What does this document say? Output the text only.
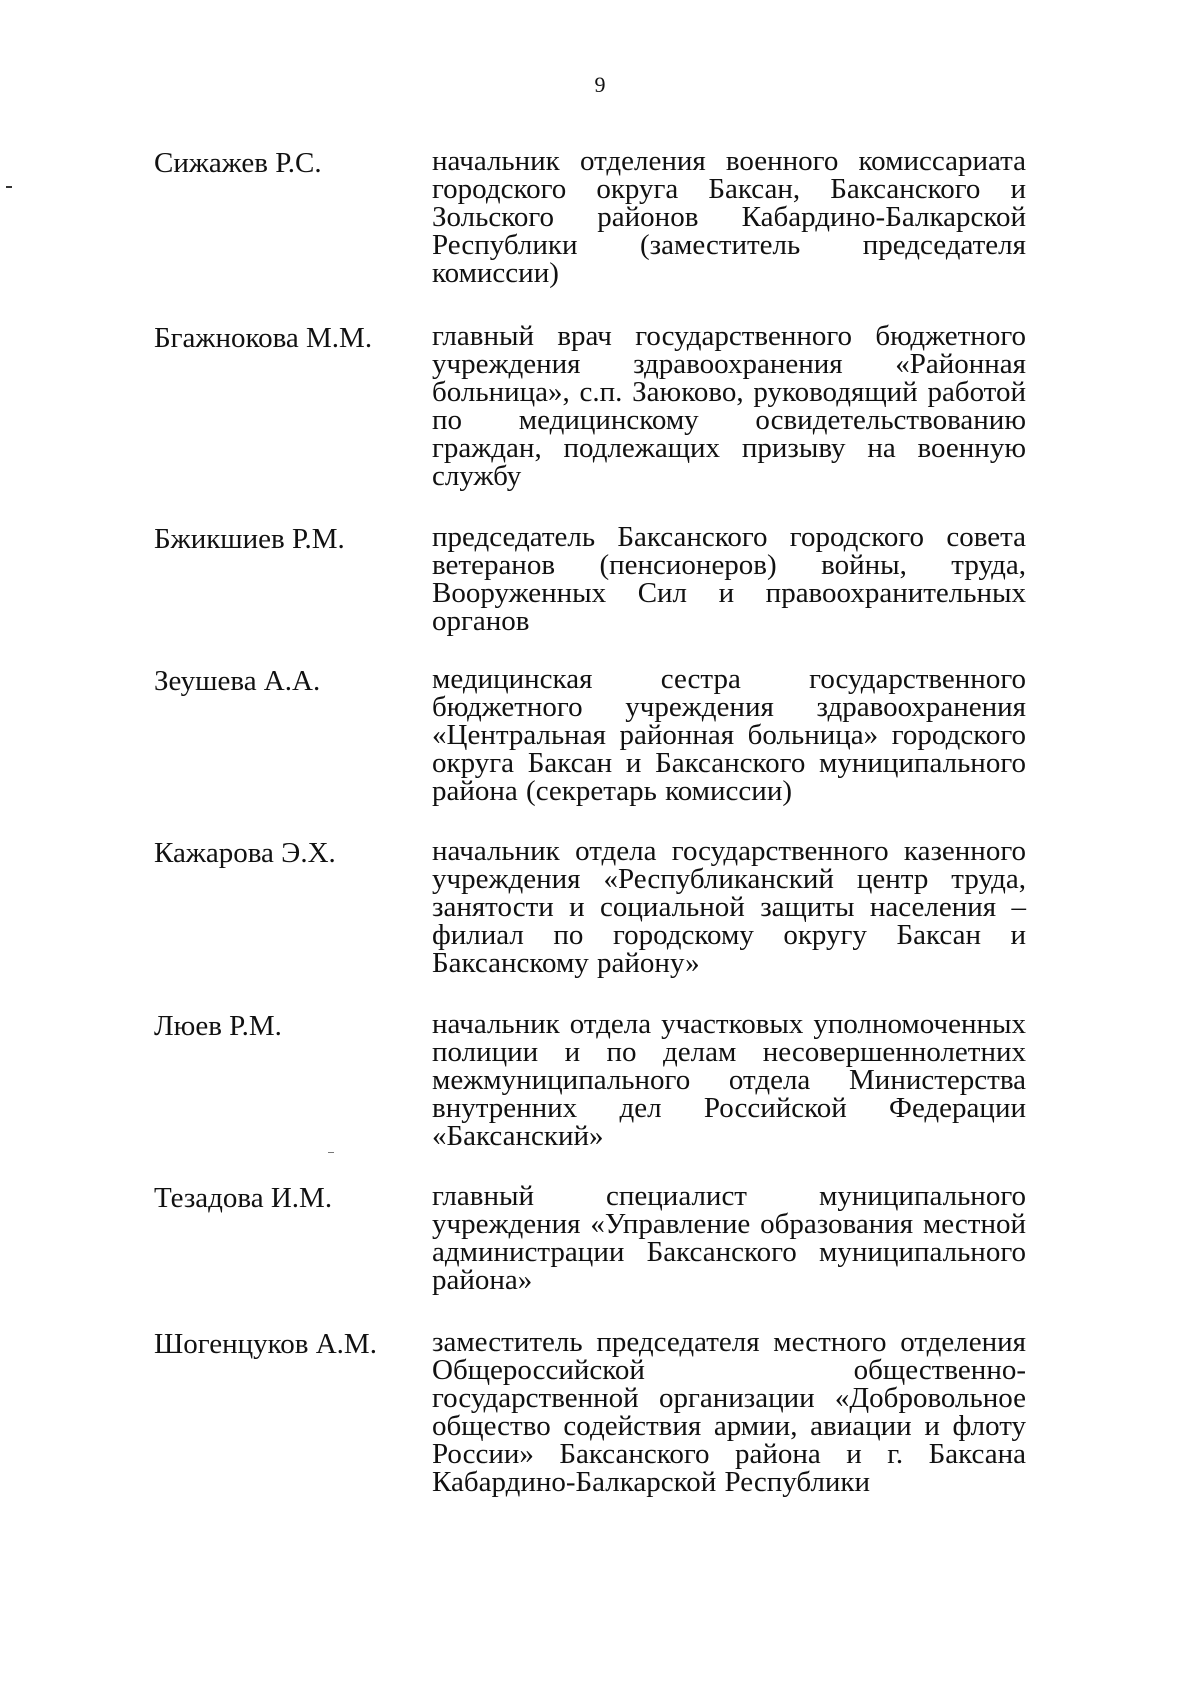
9
Сижажев Р.С.	начальник отделения военного комиссариата городского округа Баксан, Баксанского и Зольского районов Кабардино-Балкарской Республики (заместитель председателя комиссии)
Бгажнокова М.М. главный врач государственного бюджетного учреждения здравоохранения «Районная больница», с.п. Заюково, руководящий работой по медицинскому освидетельствованию граждан, подлежащих призыву на военную службу
Бжикшиев Р.М.	председатель Баксанского городского совета ветеранов (пенсионеров) войны, труда, Вооруженных Сил и правоохранительных органов
Зеушева А.А.	медицинская сестра государственного бюджетного учреждения здравоохранения «Центральная районная больница» городского округа Баксан и Баксанского муниципального района (секретарь комиссии)
Кажарова Э.Х.	начальник отдела государственного казенного учреждения «Республиканский центр труда, занятости и социальной защиты населения – филиал по городскому округу Баксан и Баксанскому району»
Люев Р.М.	начальник отдела участковых уполномоченных полиции и по делам несовершеннолетних межмуниципального отдела Министерства внутренних дел Российской Федерации «Баксанский»
Тезадова И.М.	главный специалист муниципального учреждения «Управление образования местной администрации Баксанского муниципального района»
Шогенцуков А.М. заместитель председателя местного отделения Общероссийской общественно-государственной организации «Добровольное общество содействия армии, авиации и флоту России» Баксанского района и г. Баксана Кабардино-Балкарской Республики
